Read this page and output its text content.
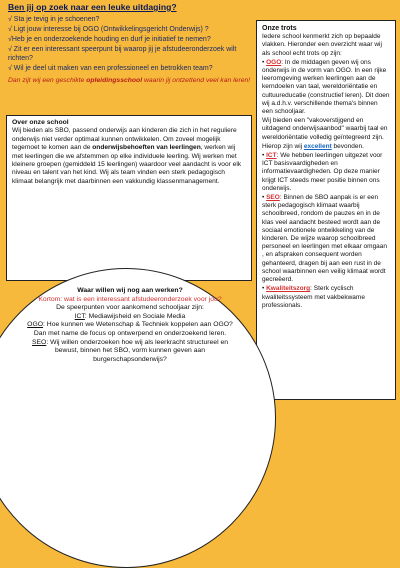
Ben jij op zoek naar een leuke uitdaging?
√ Sta je tevig in je schoenen?
√ Ligt jouw interesse bij OGO (Ontwikkelingsgericht Onderwijs) ?
√Heb je en onderzoekende houding en durf je initiatief te nemen?
√ Zit er een interessant speerpunt bij waarop jij je afstudeeronderzoek wilt richten?
√ Wil je deel uit maken van een professioneel en betrokken team?
Dan zijt wij een geschikte opleidingsschool waarin jij ontzettend veel kan leren!
Over onze school
Wij bieden als SBO, passend onderwijs aan kinderen die zich in het reguliere onderwijs niet verder optimaal kunnen ontwikkelen. Om zoveel mogelijk tegemoet te komen aan de onderwijsbehoeften van leerlingen, werken wij met leerlingen die we afstemmen op elke individuele leerling. Wij werken met kleinere groepen (gemiddeld 15 leerlingen) waardoor veel aandacht is voor elk niveau en talent van het kind. Wij als team vinden een sterk pedagogisch klimaat belangrijk met daarbinnen een vakkundig klassenmanagement.
Onze trots

Iedere school kenmerkt zich op bepaalde vlakken. Hieronder een overzicht waar wij als school echt trots op zijn:

• OGO: In de middagen geven wij ons onderwijs in de vorm van OGO. In een rijke leeromgeving werken leerlingen aan de kerndoelen van taal, wereldoriëntatie en cultuureducatie (constructief leren). Dit doen wij a.d.h.v. verschillende thema's binnen een schooljaar.

Wij bieden een "vakoverstijgend en uitdagend onderwijsaanbod" waarbij taal en wereldoriëntatie volledig geïntegreerd zijn.

Hierop zijn wij excellent bevonden.

• ICT: We hebben leerlingen uitgezet voor ICT basisvaardigheden en informatievaardigheden. Op deze manier krijgt ICT steeds meer positie binnen ons onderwijs.

• SEO: Binnen de SBO aanpak is er een sterk pedagogisch klimaat waarbij schoolbreed, rondom de pauzes en in de klas veel aandacht besteed wordt aan de sociaal emotionele ontwikkeling van de kinderen. De wijze waarop schoolbreed personeel en leerlingen met elkaar omgaan , en afspraken consequent worden gehanteerd, dragen bij aan een rust in de school waarbinnen een veilig klimaat wordt gecreëerd.

• Kwaliteitszorg: Sterk cyclisch kwaliteitssysteem met vakbekwame professionals.

Waar willen wij nog aan werken?
Kortom: wat is een interessant afstudeeronderzoek voor jou?
De speerpunten voor aankomend schooljaar zijn:
ICT: Mediawijsheid en Sociale Media
OGO: Hoe kunnen we Wetenschap & Techniek koppelen aan OGO? Dan met name de focus op ontwerpend en onderzoekend leren.
SEO: Wij willen onderzoeken hoe wij als leerkracht structureel en bewust, binnen het SBO, vorm kunnen geven aan burgerschapsonderwijs?
